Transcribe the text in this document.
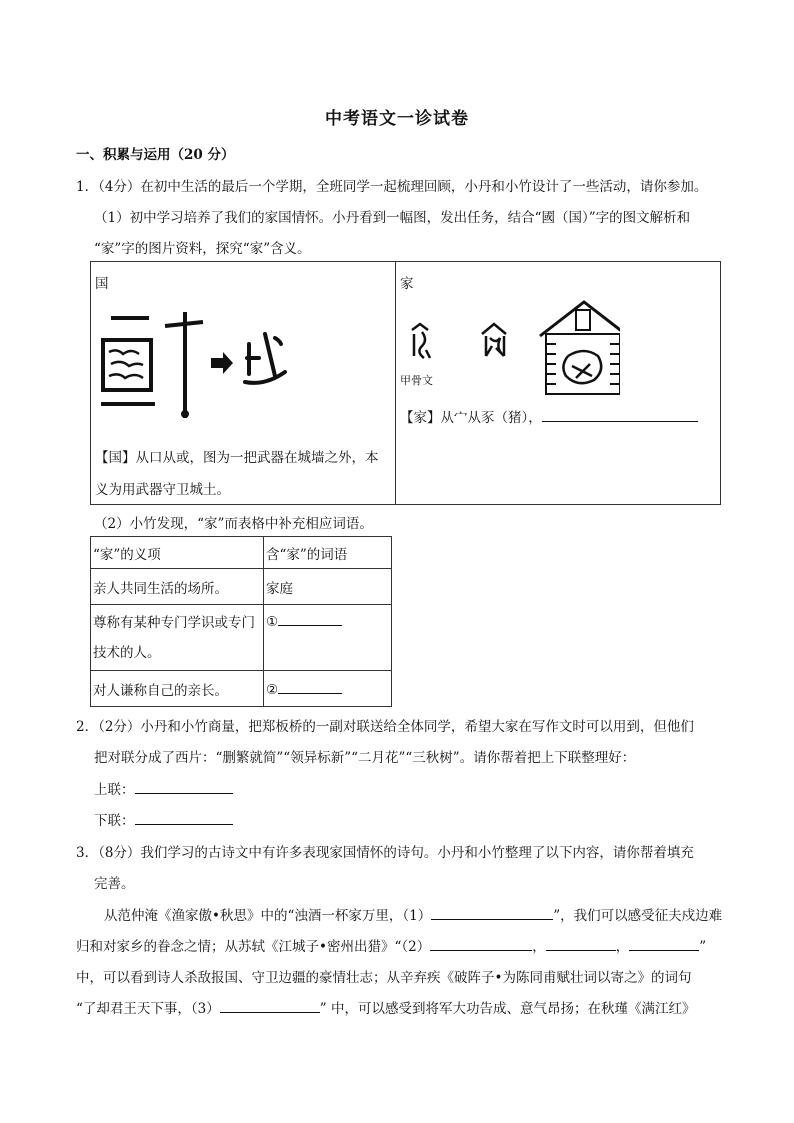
中考语文一诊试卷
一、积累与运用（20 分）
1．（4分）在初中生活的最后一个学期，全班同学一起梳理回顾，小丹和小竹设计了一些活动，请你参加。
（1）初中学习培养了我们的家国情怀。小丹看到一幅图，发出任务，结合“國（国）”字的图文解析和
“家”字的图片资料，探究“家”含义。
国
【国】从口从或，图为一把武器在城墙之外，本
义为用武器守卫城土。

家
甲骨文
【家】从宀从豕（猪），
（2）小竹发现，“家”而表格中补充相应词语。
“家”的义项	含“家”的词语
亲人共同生活的场所。	家庭
尊称有某种专门学识或专门
技术的人。	①
对人谦称自己的亲长。	②
2．（2分）小丹和小竹商量，把郑板桥的一副对联送给全体同学，希望大家在写作文时可以用到，但他们
把对联分成了西片：“删繁就简”“领异标新”“二月花”“三秋树”。请你帮着把上下联整理好：
上联：
下联：
3．（8分）我们学习的古诗文中有许多表现家国情怀的诗句。小丹和小竹整理了以下内容，请你帮着填充
完善。
从范仲淹《渔家傲•秋思》中的“浊酒一杯家万里，（1）	”，我们可以感受征夫戍边难
归和对家乡的眷念之情；从苏轼《江城子•密州出猎》“（2）	，	，	”
中，可以看到诗人杀敌报国、守卫边疆的豪情壮志；从辛弃疾《破阵子•为陈同甫赋壮词以寄之》的词句
“了却君王天下事，（3）	” 中，可以感受到将军大功告成、意气昂扬；在秋瑾《满江红》
